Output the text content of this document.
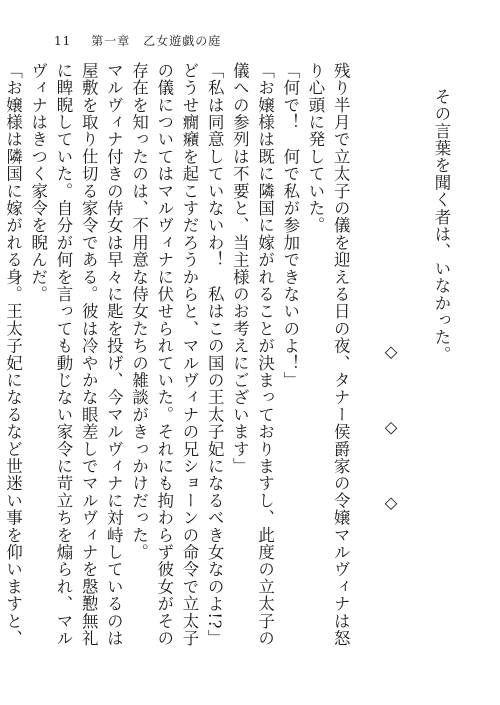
11 第一章　乙女遊戯の庭

その言葉を聞く者は、いなかった。

◇　◇　◇

残り半月で立太子の儀を迎える日の夜、タナー侯爵家の令嬢マルヴィナは怒り心頭に発していた。

「何で！　何で私が参加できないのよ！」

「お嬢様は既に隣国に嫁がれることが決まっておりますし、此度の立太子の儀への参列は不要と、当主様のお考えにございます」

「私は同意していないわ！　私はこの国の王太子妃になるべき女なのよ!?」

どうせ癇癪を起こすだろうからと、マルヴィナの兄ショーンの命令で立太子の儀についてはマルヴィナに伏せられていた。それにも拘わらず彼女がその存在を知ったのは、不用意な侍女たちの雑談がきっかけだった。

マルヴィナ付きの侍女は早々に匙を投げ、今マルヴィナに対峙しているのは屋敷を取り仕切る家令である。彼は冷やかな眼差しでマルヴィナを慇懃無礼に睥睨していた。自分が何を言っても動じない家令に苛立ちを煽られ、マルヴィナはきつく家令を睨んだ。

「お嬢様は隣国に嫁がれる身。王太子妃になるなど世迷い事を仰いますと、
